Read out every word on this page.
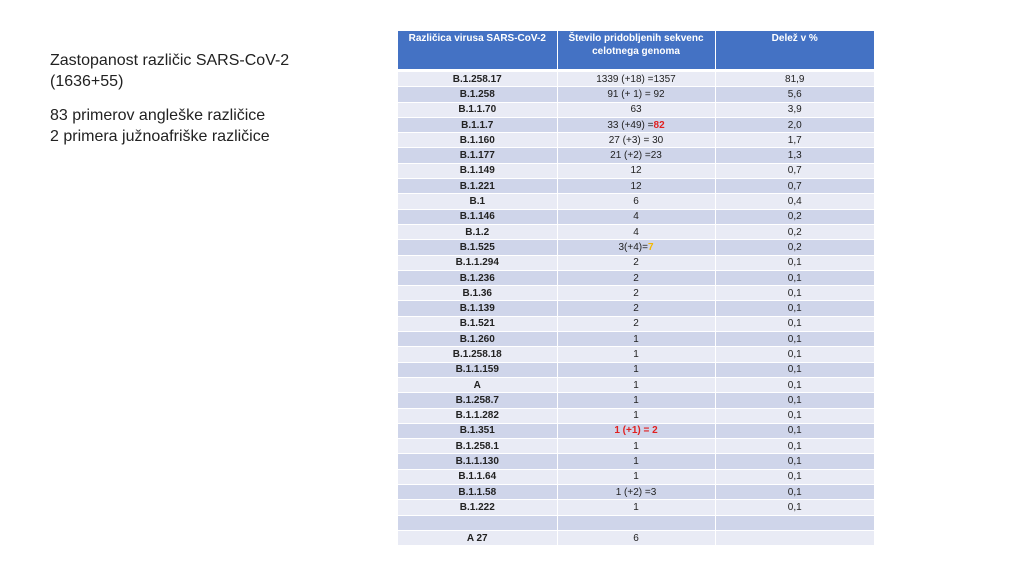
Zastopanost različic SARS-CoV-2
(1636+55)
83 primerov angleške različice
2 primera južnoafriške različice
Različica virusa SARS-CoV-2	Število pridobljenih sekvenc celotnega genoma	Delež v %
B.1.258.17	1339 (+18) =1357	81,9
B.1.258	91 (+ 1) = 92	5,6
B.1.1.70	63	3,9
B.1.1.7	33 (+49) =82	2,0
B.1.160	27 (+3) = 30	1,7
B.1.177	21 (+2) =23	1,3
B.1.149	12	0,7
B.1.221	12	0,7
B.1	6	0,4
B.1.146	4	0,2
B.1.2	4	0,2
B.1.525	3(+4)=7	0,2
B.1.1.294	2	0,1
B.1.236	2	0,1
B.1.36	2	0,1
B.1.139	2	0,1
B.1.521	2	0,1
B.1.260	1	0,1
B.1.258.18	1	0,1
B.1.1.159	1	0,1
A	1	0,1
B.1.258.7	1	0,1
B.1.1.282	1	0,1
B.1.351	1 (+1) = 2	0,1
B.1.258.1	1	0,1
B.1.1.130	1	0,1
B.1.1.64	1	0,1
B.1.1.58	1 (+2) =3	0,1
B.1.222	1	0,1

A 27	6	
